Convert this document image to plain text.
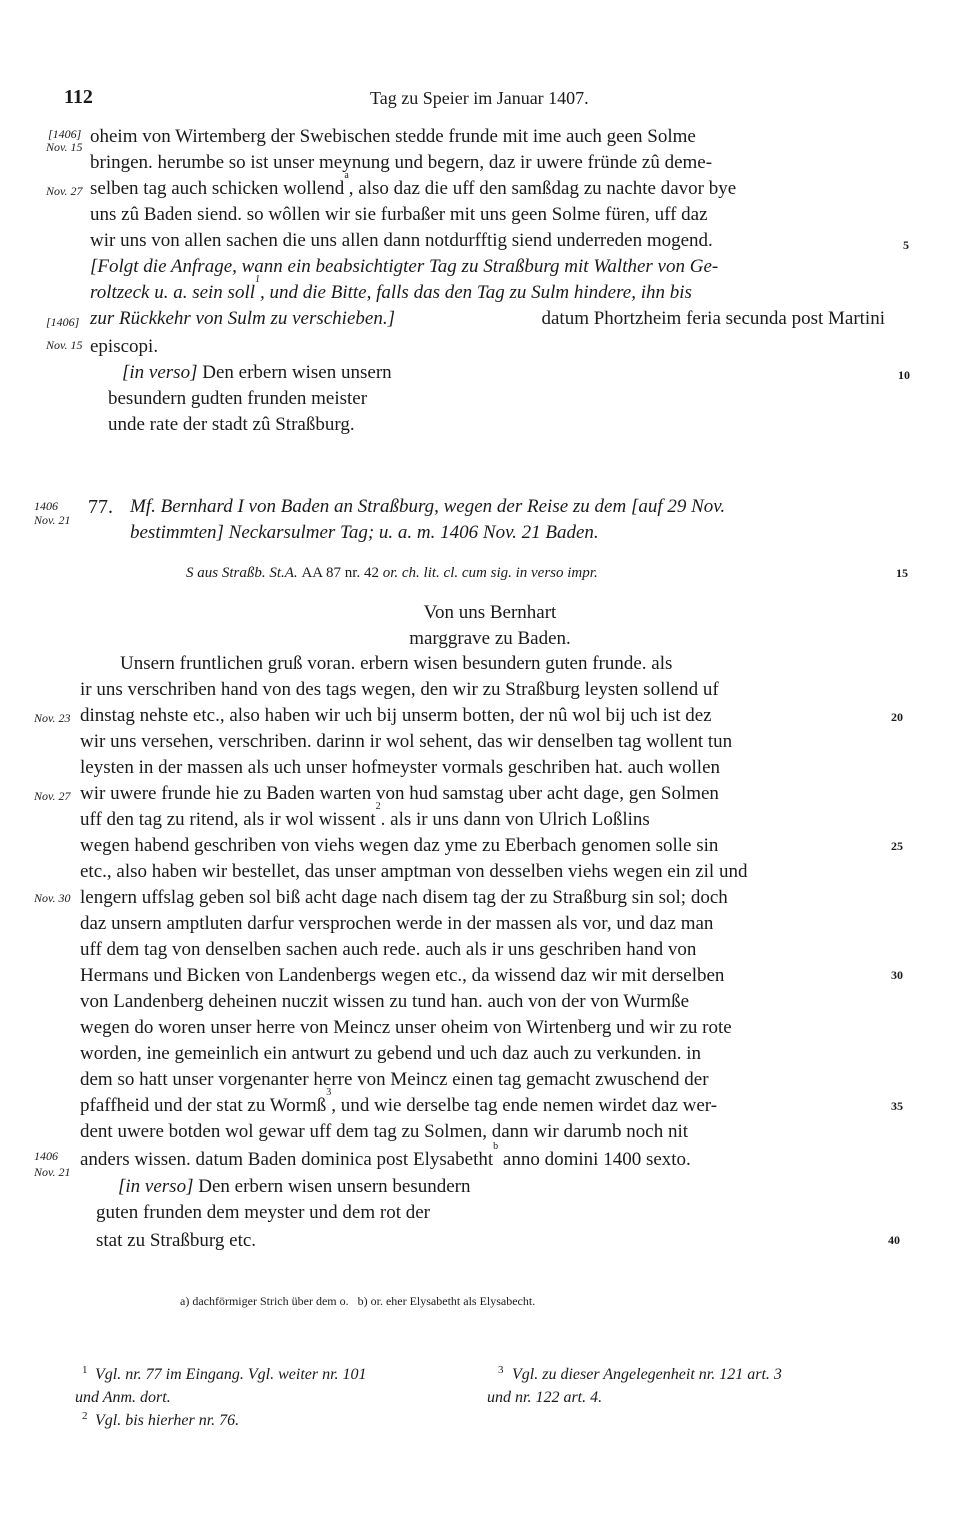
112	Tag zu Speier im Januar 1407.
[1406]
Nov. 15
Nov. 27
[1406]
Nov. 15
5
10
15
20
25
30
35
40
oheim von Wirtemberg der Swebischen stedde frunde mit ime auch geen Solme
bringen. herumbe so ist unser meynung und begern, daz ir uwere fründe zû deme-
selben tag auch schicken wollend
a
, also daz die uff den samßdag zu nachte davor bye
uns zû Baden siend. so wôllen wir sie furbaßer mit uns geen Solme füren, uff daz
wir uns von allen sachen die uns allen dann notdurfftig siend underreden mogend.
[Folgt die Anfrage, wann ein beabsichtigter Tag zu Straßburg mit Walther von Ge-
roltzeck u. a. sein soll
1
, und die Bitte, falls das den Tag zu Sulm hindere, ihn bis
zur Rückkehr von Sulm zu verschieben.]	datum Phortzheim feria secunda post Martini
episcopi.
[in verso]
Den erbern wisen unsern
besundern gudten frunden meister
unde rate der stadt zû Straßburg.
1406
Nov. 21
77. Mf. Bernhard I von Baden an Straßburg, wegen der Reise zu dem [auf 29 Nov.
bestimmten] Neckarsulmer Tag; u. a. m. 1406 Nov. 21 Baden.
S aus Straßb. St.A.
AA 87 nr. 42
or. ch. lit. cl. cum sig. in verso impr.
Von uns Bernhart
marggrave zu Baden.
Nov. 23
Nov. 27
Nov. 30
1406
Nov. 21
Unsern fruntlichen gruß voran. erbern wisen besundern guten frunde. als
ir uns verschriben hand von des tags wegen, den wir zu Straßburg leysten sollend uf
dinstag nehste etc., also haben wir uch bij unserm botten, der nû wol bij uch ist dez
wir uns versehen, verschriben. darinn ir wol sehent, das wir denselben tag wollent tun
leysten in der massen als uch unser hofmeyster vormals geschriben hat. auch wollen
wir uwere frunde hie zu Baden warten von hud samstag uber acht dage, gen Solmen
uff den tag zu ritend, als ir wol wissent
2
. als ir uns dann von Ulrich Loßlins
wegen habend geschriben von viehs wegen daz yme zu Eberbach genomen solle sin
etc., also haben wir bestellet, das unser amptman von desselben viehs wegen ein zil und
lengern uffslag geben sol biß acht dage nach disem tag der zu Straßburg sin sol; doch
daz unsern amptluten darfur versprochen werde in der massen als vor, und daz man
uff dem tag von denselben sachen auch rede. auch als ir uns geschriben hand von
Hermans und Bicken von Landenbergs wegen etc., da wissend daz wir mit derselben
von Landenberg deheinen nuczit wissen zu tund han. auch von der von Wurmße
wegen do woren unser herre von Meincz unser oheim von Wirtenberg und wir zu rote
worden, ine gemeinlich ein antwurt zu gebend und uch daz auch zu verkunden. in
dem so hatt unser vorgenanter herre von Meincz einen tag gemacht zwuschend der
pfaffheid und der stat zu Wormß
3
, und wie derselbe tag ende nemen wirdet daz wer-
dent uwere botden wol gewar uff dem tag zu Solmen, dann wir darumb noch nit
anders wissen. datum Baden dominica post Elysabetht
b

anno domini 1400 sexto.
[in verso]
Den erbern wisen unsern besundern
guten frunden dem meyster und dem rot der
stat zu Straßburg etc.
a) dachförmiger Strich über dem o. b) or. eher Elysabetht als Elysabecht.
1 Vgl. nr. 77 im Eingang. Vgl. weiter nr. 101
und Anm. dort.
2 Vgl. bis hierher nr. 76.
3 Vgl. zu dieser Angelegenheit nr. 121 art. 3
und nr. 122 art. 4.
